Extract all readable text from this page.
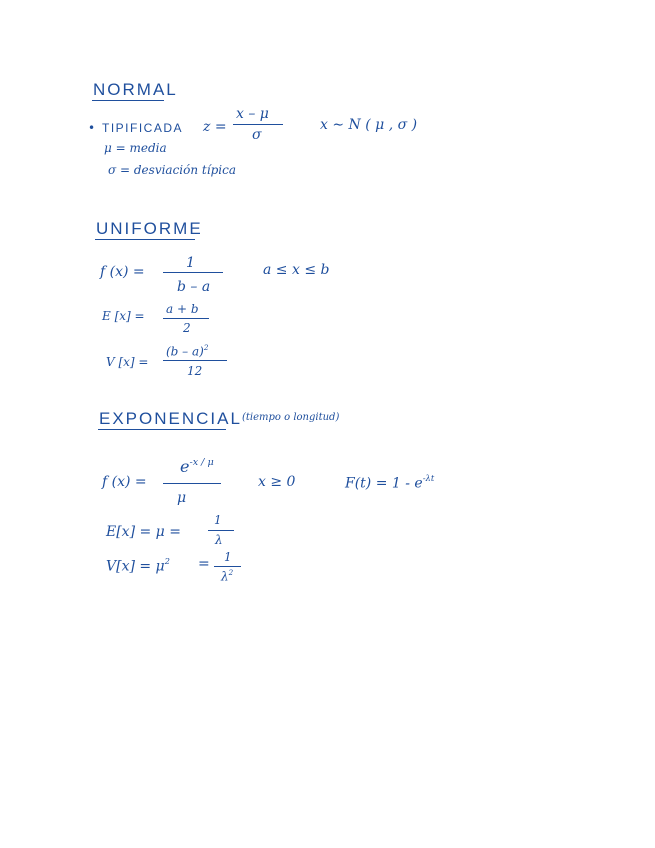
NORMAL
• TIPIFICADA z =
x – μ
σ
x ∼ N ( μ , σ )
μ = media
σ = desviación típica
UNIFORME
f (x) =
1
b – a
a ≤ x ≤ b
E [x] = a + b
2
V [x] =
(b – a)$^2$
12
EXPONENCIAL (tiempo o longitud)
f (x) =
$e^{-x / \mu}$
μ
x ≥ 0	$F(t) = 1 - e^{-\lambda t}$
E[x] = μ =
1
λ
$V[x] = \mu^2 = 1$
$\lambda^2$
